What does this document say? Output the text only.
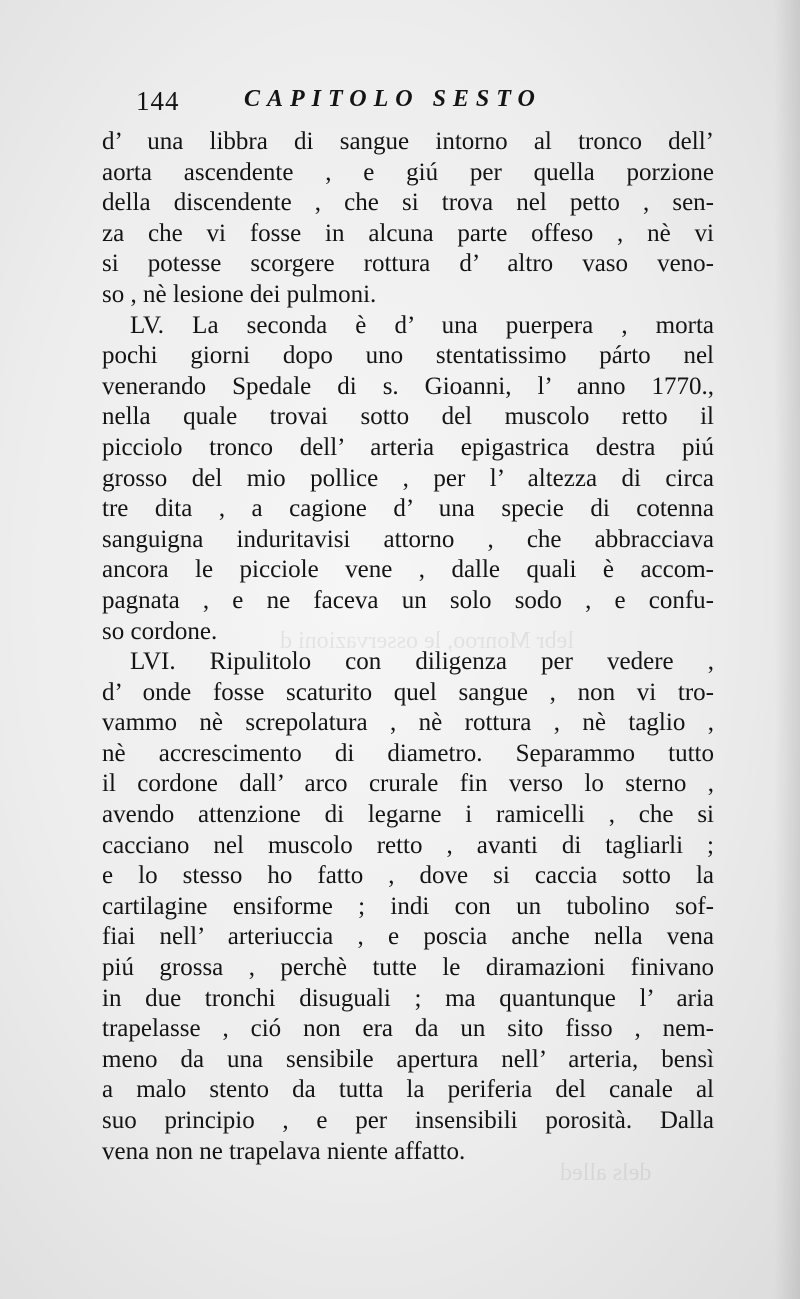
lebr Monroo, le osservazioni d
dels alled
144	CAPITOLO SESTO
d’ una libbra di sangue intorno al tronco dell’
aorta ascendente , e giú per quella porzione
della discendente , che si trova nel petto , sen-
za che vi fosse in alcuna parte offeso , nè vi
si potesse scorgere rottura d’ altro vaso veno-
so , nè lesione dei pulmoni.
LV. La seconda è d’ una puerpera , morta
pochi giorni dopo uno stentatissimo párto nel
venerando Spedale di s. Gioanni, l’ anno 1770.,
nella quale trovai sotto del muscolo retto il
picciolo tronco dell’ arteria epigastrica destra piú
grosso del mio pollice , per l’ altezza di circa
tre dita , a cagione d’ una specie di cotenna
sanguigna induritavisi attorno , che abbracciava
ancora le picciole vene , dalle quali è accom-
pagnata , e ne faceva un solo sodo , e confu-
so cordone.
LVI. Ripulitolo con diligenza per vedere ,
d’ onde fosse scaturito quel sangue , non vi tro-
vammo nè screpolatura , nè rottura , nè taglio ,
nè accrescimento di diametro. Separammo tutto
il cordone dall’ arco crurale fin verso lo sterno ,
avendo attenzione di legarne i ramicelli , che si
cacciano nel muscolo retto , avanti di tagliarli ;
e lo stesso ho fatto , dove si caccia sotto la
cartilagine ensiforme ; indi con un tubolino sof-
fiai nell’ arteriuccia , e poscia anche nella vena
piú grossa , perchè tutte le diramazioni finivano
in due tronchi disuguali ; ma quantunque l’ aria
trapelasse , ció non era da un sito fisso , nem-
meno da una sensibile apertura nell’ arteria, bensì
a malo stento da tutta la periferia del canale al
suo principio , e per insensibili porosità. Dalla
vena non ne trapelava niente affatto.
